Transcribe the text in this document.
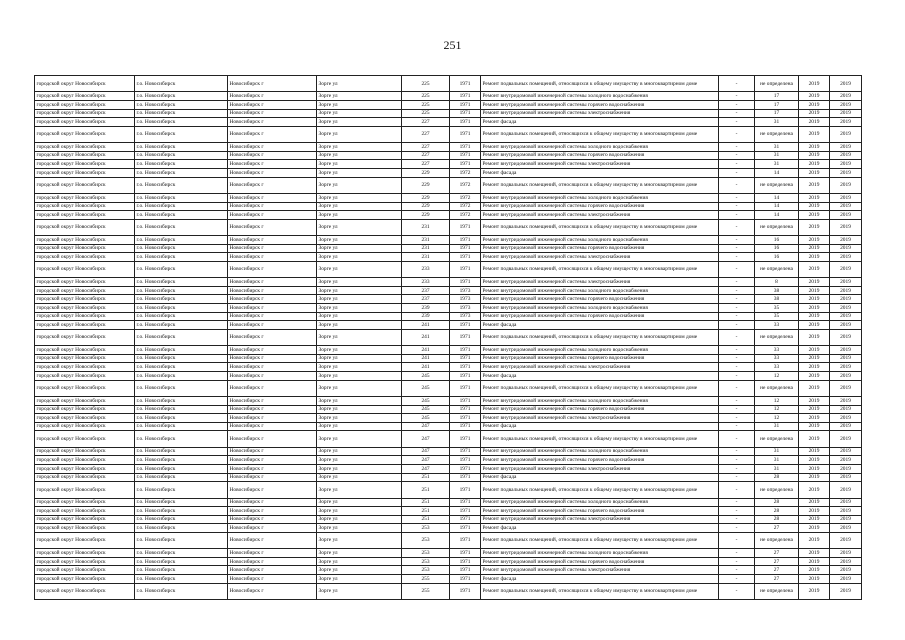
251
городской округ Новосибирск	г.о. Новосибирск	Новосибирск г	Зорге ул	225	1971	Ремонт подвальных помещений, относящихся к общему имуществу в многоквартирном доме	-	не определена	2019	2019
городской округ Новосибирск	г.о. Новосибирск	Новосибирск г	Зорге ул	225	1971	Ремонт внутридомовой инженерной системы холодного водоснабжения	-	17	2019	2019
городской округ Новосибирск	г.о. Новосибирск	Новосибирск г	Зорге ул	225	1971	Ремонт внутридомовой инженерной системы горячего водоснабжения	-	17	2019	2019
городской округ Новосибирск	г.о. Новосибирск	Новосибирск г	Зорге ул	225	1971	Ремонт внутридомовой инженерной системы электроснабжения	-	17	2019	2019
городской округ Новосибирск	г.о. Новосибирск	Новосибирск г	Зорге ул	227	1971	Ремонт фасада	-	31	2019	2019
городской округ Новосибирск	г.о. Новосибирск	Новосибирск г	Зорге ул	227	1971	Ремонт подвальных помещений, относящихся к общему имуществу в многоквартирном доме	-	не определена	2019	2019
городской округ Новосибирск	г.о. Новосибирск	Новосибирск г	Зорге ул	227	1971	Ремонт внутридомовой инженерной системы холодного водоснабжения	-	31	2019	2019
городской округ Новосибирск	г.о. Новосибирск	Новосибирск г	Зорге ул	227	1971	Ремонт внутридомовой инженерной системы горячего водоснабжения	-	31	2019	2019
городской округ Новосибирск	г.о. Новосибирск	Новосибирск г	Зорге ул	227	1971	Ремонт внутридомовой инженерной системы электроснабжения	-	31	2019	2019
городской округ Новосибирск	г.о. Новосибирск	Новосибирск г	Зорге ул	229	1972	Ремонт фасада	-	14	2019	2019
городской округ Новосибирск	г.о. Новосибирск	Новосибирск г	Зорге ул	229	1972	Ремонт подвальных помещений, относящихся к общему имуществу в многоквартирном доме	-	не определена	2019	2019
городской округ Новосибирск	г.о. Новосибирск	Новосибирск г	Зорге ул	229	1972	Ремонт внутридомовой инженерной системы холодного водоснабжения	-	14	2019	2019
городской округ Новосибирск	г.о. Новосибирск	Новосибирск г	Зорге ул	229	1972	Ремонт внутридомовой инженерной системы горячего водоснабжения	-	14	2019	2019
городской округ Новосибирск	г.о. Новосибирск	Новосибирск г	Зорге ул	229	1972	Ремонт внутридомовой инженерной системы электроснабжения	-	14	2019	2019
городской округ Новосибирск	г.о. Новосибирск	Новосибирск г	Зорге ул	231	1971	Ремонт подвальных помещений, относящихся к общему имуществу в многоквартирном доме	-	не определена	2019	2019
городской округ Новосибирск	г.о. Новосибирск	Новосибирск г	Зорге ул	231	1971	Ремонт внутридомовой инженерной системы холодного водоснабжения	-	16	2019	2019
городской округ Новосибирск	г.о. Новосибирск	Новосибирск г	Зорге ул	231	1971	Ремонт внутридомовой инженерной системы горячего водоснабжения	-	16	2019	2019
городской округ Новосибирск	г.о. Новосибирск	Новосибирск г	Зорге ул	231	1971	Ремонт внутридомовой инженерной системы электроснабжения	-	16	2019	2019
городской округ Новосибирск	г.о. Новосибирск	Новосибирск г	Зорге ул	233	1971	Ремонт подвальных помещений, относящихся к общему имуществу в многоквартирном доме	-	не определена	2019	2019
городской округ Новосибирск	г.о. Новосибирск	Новосибирск г	Зорге ул	233	1971	Ремонт внутридомовой инженерной системы электроснабжения	-	8	2019	2019
городской округ Новосибирск	г.о. Новосибирск	Новосибирск г	Зорге ул	237	1973	Ремонт внутридомовой инженерной системы холодного водоснабжения	-	38	2019	2019
городской округ Новосибирск	г.о. Новосибирск	Новосибирск г	Зорге ул	237	1973	Ремонт внутридомовой инженерной системы горячего водоснабжения	-	38	2019	2019
городской округ Новосибирск	г.о. Новосибирск	Новосибирск г	Зорге ул	239	1973	Ремонт внутридомовой инженерной системы холодного водоснабжения	-	35	2019	2019
городской округ Новосибирск	г.о. Новосибирск	Новосибирск г	Зорге ул	239	1973	Ремонт внутридомовой инженерной системы горячего водоснабжения	-	35	2019	2019
городской округ Новосибирск	г.о. Новосибирск	Новосибирск г	Зорге ул	241	1971	Ремонт фасада	-	33	2019	2019
городской округ Новосибирск	г.о. Новосибирск	Новосибирск г	Зорге ул	241	1971	Ремонт подвальных помещений, относящихся к общему имуществу в многоквартирном доме	-	не определена	2019	2019
городской округ Новосибирск	г.о. Новосибирск	Новосибирск г	Зорге ул	241	1971	Ремонт внутридомовой инженерной системы холодного водоснабжения	-	33	2019	2019
городской округ Новосибирск	г.о. Новосибирск	Новосибирск г	Зорге ул	241	1971	Ремонт внутридомовой инженерной системы горячего водоснабжения	-	33	2019	2019
городской округ Новосибирск	г.о. Новосибирск	Новосибирск г	Зорге ул	241	1971	Ремонт внутридомовой инженерной системы электроснабжения	-	33	2019	2019
городской округ Новосибирск	г.о. Новосибирск	Новосибирск г	Зорге ул	245	1971	Ремонт фасада	-	12	2019	2019
городской округ Новосибирск	г.о. Новосибирск	Новосибирск г	Зорге ул	245	1971	Ремонт подвальных помещений, относящихся к общему имуществу в многоквартирном доме	-	не определена	2019	2019
городской округ Новосибирск	г.о. Новосибирск	Новосибирск г	Зорге ул	245	1971	Ремонт внутридомовой инженерной системы холодного водоснабжения	-	12	2019	2019
городской округ Новосибирск	г.о. Новосибирск	Новосибирск г	Зорге ул	245	1971	Ремонт внутридомовой инженерной системы горячего водоснабжения	-	12	2019	2019
городской округ Новосибирск	г.о. Новосибирск	Новосибирск г	Зорге ул	245	1971	Ремонт внутридомовой инженерной системы электроснабжения	-	12	2019	2019
городской округ Новосибирск	г.о. Новосибирск	Новосибирск г	Зорге ул	247	1971	Ремонт фасада	-	31	2019	2019
городской округ Новосибирск	г.о. Новосибирск	Новосибирск г	Зорге ул	247	1971	Ремонт подвальных помещений, относящихся к общему имуществу в многоквартирном доме	-	не определена	2019	2019
городской округ Новосибирск	г.о. Новосибирск	Новосибирск г	Зорге ул	247	1971	Ремонт внутридомовой инженерной системы холодного водоснабжения	-	31	2019	2019
городской округ Новосибирск	г.о. Новосибирск	Новосибирск г	Зорге ул	247	1971	Ремонт внутридомовой инженерной системы горячего водоснабжения	-	31	2019	2019
городской округ Новосибирск	г.о. Новосибирск	Новосибирск г	Зорге ул	247	1971	Ремонт внутридомовой инженерной системы электроснабжения	-	31	2019	2019
городской округ Новосибирск	г.о. Новосибирск	Новосибирск г	Зорге ул	251	1971	Ремонт фасада	-	28	2019	2019
городской округ Новосибирск	г.о. Новосибирск	Новосибирск г	Зорге ул	251	1971	Ремонт подвальных помещений, относящихся к общему имуществу в многоквартирном доме	-	не определена	2019	2019
городской округ Новосибирск	г.о. Новосибирск	Новосибирск г	Зорге ул	251	1971	Ремонт внутридомовой инженерной системы холодного водоснабжения	-	28	2019	2019
городской округ Новосибирск	г.о. Новосибирск	Новосибирск г	Зорге ул	251	1971	Ремонт внутридомовой инженерной системы горячего водоснабжения	-	28	2019	2019
городской округ Новосибирск	г.о. Новосибирск	Новосибирск г	Зорге ул	251	1971	Ремонт внутридомовой инженерной системы электроснабжения	-	28	2019	2019
городской округ Новосибирск	г.о. Новосибирск	Новосибирск г	Зорге ул	253	1971	Ремонт фасада	-	27	2019	2019
городской округ Новосибирск	г.о. Новосибирск	Новосибирск г	Зорге ул	253	1971	Ремонт подвальных помещений, относящихся к общему имуществу в многоквартирном доме	-	не определена	2019	2019
городской округ Новосибирск	г.о. Новосибирск	Новосибирск г	Зорге ул	253	1971	Ремонт внутридомовой инженерной системы холодного водоснабжения	-	27	2019	2019
городской округ Новосибирск	г.о. Новосибирск	Новосибирск г	Зорге ул	253	1971	Ремонт внутридомовой инженерной системы горячего водоснабжения	-	27	2019	2019
городской округ Новосибирск	г.о. Новосибирск	Новосибирск г	Зорге ул	253	1971	Ремонт внутридомовой инженерной системы электроснабжения	-	27	2019	2019
городской округ Новосибирск	г.о. Новосибирск	Новосибирск г	Зорге ул	255	1971	Ремонт фасада	-	27	2019	2019
городской округ Новосибирск	г.о. Новосибирск	Новосибирск г	Зорге ул	255	1971	Ремонт подвальных помещений, относящихся к общему имуществу в многоквартирном доме	-	не определена	2019	2019
